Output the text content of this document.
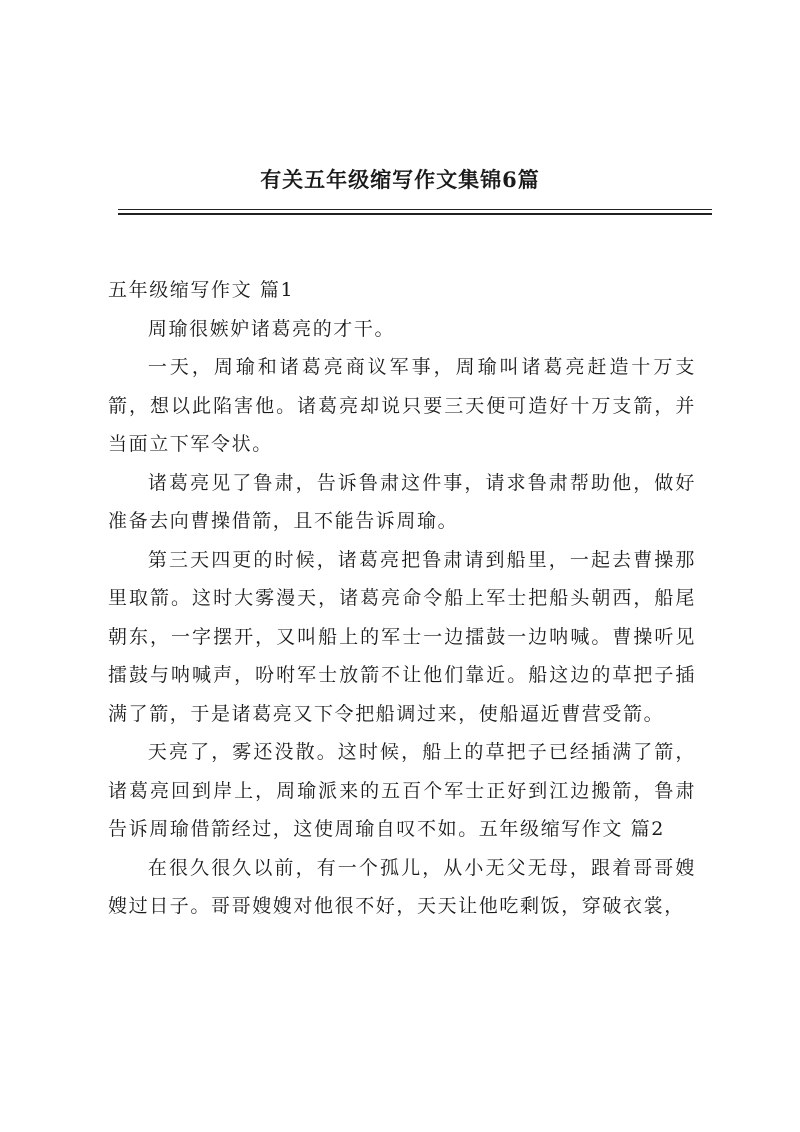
有关五年级缩写作文集锦6篇

五年级缩写作文 篇1

周瑜很嫉妒诸葛亮的才干。

一天，周瑜和诸葛亮商议军事，周瑜叫诸葛亮赶造十万支箭，想以此陷害他。诸葛亮却说只要三天便可造好十万支箭，并当面立下军令状。

诸葛亮见了鲁肃，告诉鲁肃这件事，请求鲁肃帮助他，做好准备去向曹操借箭，且不能告诉周瑜。

第三天四更的时候，诸葛亮把鲁肃请到船里，一起去曹操那里取箭。这时大雾漫天，诸葛亮命令船上军士把船头朝西，船尾朝东，一字摆开，又叫船上的军士一边擂鼓一边呐喊。曹操听见擂鼓与呐喊声，吩咐军士放箭不让他们靠近。船这边的草把子插满了箭，于是诸葛亮又下令把船调过来，使船逼近曹营受箭。

天亮了，雾还没散。这时候，船上的草把子已经插满了箭，诸葛亮回到岸上，周瑜派来的五百个军士正好到江边搬箭，鲁肃告诉周瑜借箭经过，这使周瑜自叹不如。五年级缩写作文 篇2

在很久很久以前，有一个孤儿，从小无父无母，跟着哥哥嫂嫂过日子。哥哥嫂嫂对他很不好，天天让他吃剩饭，穿破衣裳，
